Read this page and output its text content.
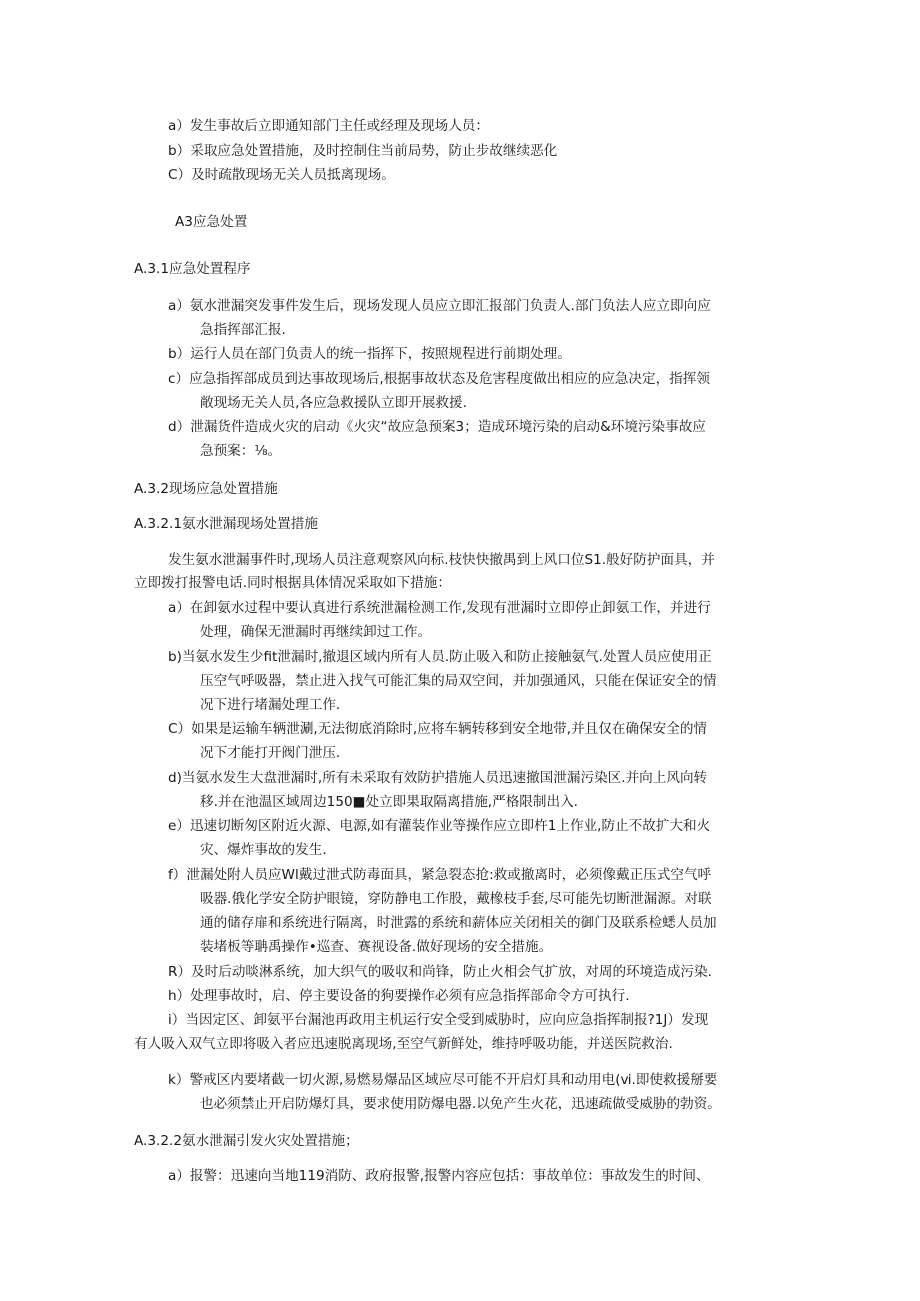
a）发生事故后立即通知部门主任或经理及现场人员：

b）采取应急处置措施，及时控制住当前局势，防止步故继续恶化

C）及时疏散现场无关人员抵离现场。

A3应急处置

A.3.1应急处置程序

a）氨水泄漏突发事件发生后，现场发现人员应立即汇报部门负责人.部门负法人应立即向应

急指挥部汇报.

b）运行人员在部门负责人的统一指挥下，按照规程进行前期处理。

c）应急指挥部成员到达事故现场后,根据事故状态及危害程度做出相应的应急决定，指挥领

敞现场无关人员,各应急救援队立即开展救援.

d）泄漏货件造成火灾的启动《火灾“故应急预案3；造成环境污染的启动&环境污染事故应

急预案：⅛。

A.3.2现场应急处置措施

A.3.2.1氨水泄漏现场处置措施

发生氨水泄漏事件时,现场人员注意观察风向标.枝快快撤禺到上风口位S1.般好防护面具，并

立即拨打报警电话.同时根据具体情况采取如下措施：

a）在卸氨水过程中要认真进行系统泄漏检测工作,发现有泄漏时立即停止卸氨工作，并进行

处理，确保无泄漏时再继续卸过工作。

b)当氨水发生少fit泄漏时,撤退区域内所有人员.防止吸入和防止接触氨气.处置人员应使用正

压空气呼吸器，禁止进入找气可能汇集的局双空间，并加强通风，只能在保证安全的情

况下进行堵漏处理工作.

C）如果是运输车辆泄涮,无法彻底消除时,应将车辆转移到安全地带,并且仅在确保安全的情

况下才能打开阀门泄压.

d)当氨水发生大盘泄漏时,所有未采取有效防护措施人员迅速撤国泄漏污染区.并向上风向转

移.并在池温区域周边150■处立即果取隔离措施,严格限制出入.

e）迅速切断匆区附近火源、电源,如有灌装作业等操作应立即杵1上作业,防止不故扩大和火

灾、爆炸事故的发生.

f）泄漏处附人员应Wl戴过泄式防毒面具，紧急裂态抢:救或撤离时，必须像戴正压式空气呼

吸器.俄化学安全防护眼镜，穿防静电工作股，戴橡枝手套,尽可能先切断泄漏源。对联

通的储存扉和系统进行隔离，时泄露的系统和薪体应关闭相关的御门及联系检蟋人员加

装堵板等聃禹操作•巡查、赛视设备.做好现场的安全措施。

R）及时后动啖淋系统，加大织气的吸収和尚锋，防止火相会气扩放，对周的环境造成污染.

h）处理事故时，启、停主要设备的狗要操作必须有应急指挥部命令方可执行.

i）当因定区、卸氨平台漏池再政用主机运行安全受到威胁时，应向应急指挥制报?1J）发现

有人吸入双气立即将吸入者应迅速脱离现场,至空气新鲜处，维持呼吸功能，并送医院救治.

k）警戒区内要堵截一切火源,易燃易爆品区域应尽可能不开启灯具和动用电(ⅵ.即使救援掰要

也必须禁止开启防爆灯具，要求使用防爆电器.以免产生火花，迅速疏做受威胁的勃资。

A.3.2.2氨水泄漏引发火灾处置措施；

a）报警：迅速向当地119消防、政府报警,报警内容应包括：事故单位：事故发生的时间、
